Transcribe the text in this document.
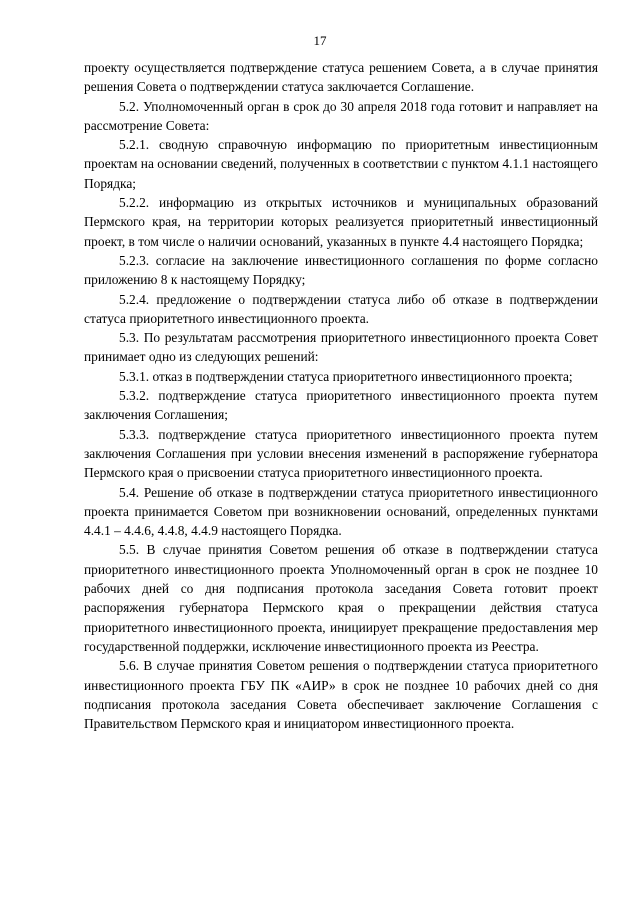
17

проекту осуществляется подтверждение статуса решением Совета, а в случае принятия решения Совета о подтверждении статуса заключается Соглашение.

5.2. Уполномоченный орган в срок до 30 апреля 2018 года готовит и направляет на рассмотрение Совета:

5.2.1. сводную справочную информацию по приоритетным инвестиционным проектам на основании сведений, полученных в соответствии с пунктом 4.1.1 настоящего Порядка;

5.2.2. информацию из открытых источников и муниципальных образований Пермского края, на территории которых реализуется приоритетный инвестиционный проект, в том числе о наличии оснований, указанных в пункте 4.4 настоящего Порядка;

5.2.3. согласие на заключение инвестиционного соглашения по форме согласно приложению 8 к настоящему Порядку;

5.2.4. предложение о подтверждении статуса либо об отказе в подтверждении статуса приоритетного инвестиционного проекта.

5.3. По результатам рассмотрения приоритетного инвестиционного проекта Совет принимает одно из следующих решений:

5.3.1. отказ в подтверждении статуса приоритетного инвестиционного проекта;

5.3.2. подтверждение статуса приоритетного инвестиционного проекта путем заключения Соглашения;

5.3.3. подтверждение статуса приоритетного инвестиционного проекта путем заключения Соглашения при условии внесения изменений в распоряжение губернатора Пермского края о присвоении статуса приоритетного инвестиционного проекта.

5.4. Решение об отказе в подтверждении статуса приоритетного инвестиционного проекта принимается Советом при возникновении оснований, определенных пунктами 4.4.1 – 4.4.6, 4.4.8, 4.4.9 настоящего Порядка.

5.5. В случае принятия Советом решения об отказе в подтверждении статуса приоритетного инвестиционного проекта Уполномоченный орган в срок не позднее 10 рабочих дней со дня подписания протокола заседания Совета готовит проект распоряжения губернатора Пермского края о прекращении действия статуса приоритетного инвестиционного проекта, инициирует прекращение предоставления мер государственной поддержки, исключение инвестиционного проекта из Реестра.

5.6. В случае принятия Советом решения о подтверждении статуса приоритетного инвестиционного проекта ГБУ ПК «АИР» в срок не позднее 10 рабочих дней со дня подписания протокола заседания Совета обеспечивает заключение Соглашения с Правительством Пермского края и инициатором инвестиционного проекта.
